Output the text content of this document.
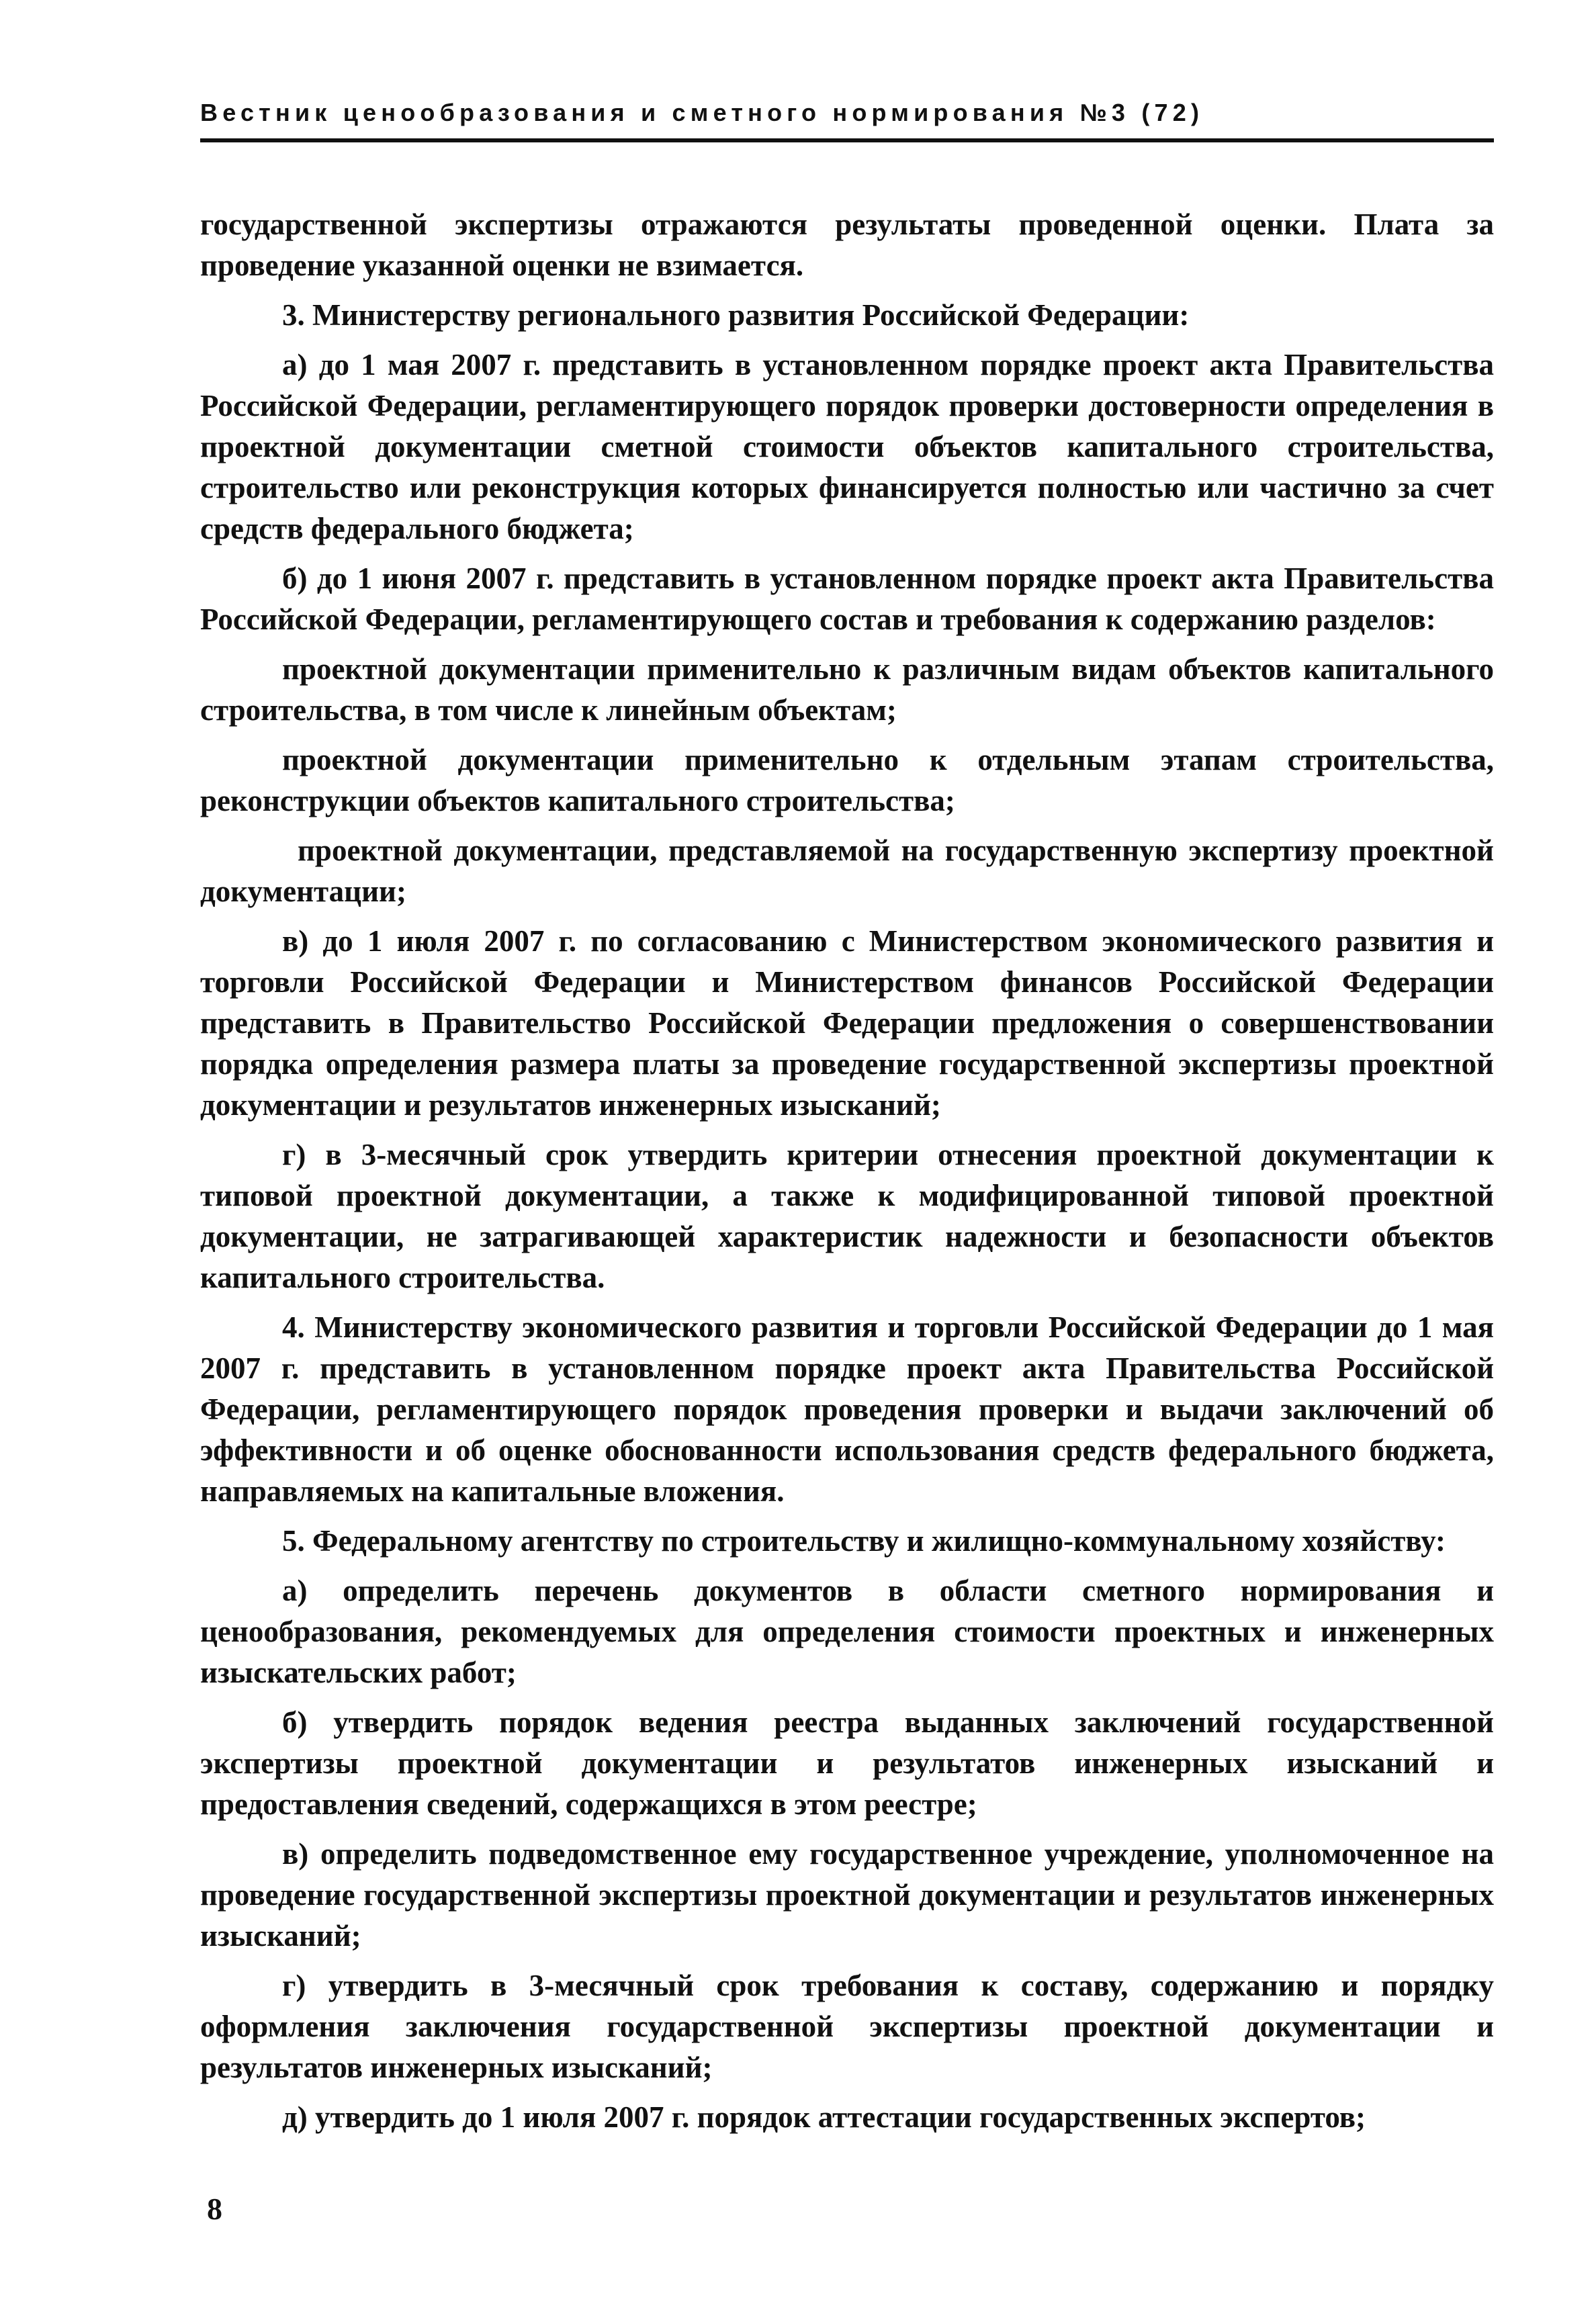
Вестник ценообразования и сметного нормирования №3 (72)

государственной экспертизы отражаются результаты проведенной оценки. Плата за проведение указанной оценки не взимается.

3. Министерству регионального развития Российской Федерации:

а) до 1 мая 2007 г. представить в установленном порядке проект акта Правительства Российской Федерации, регламентирующего порядок проверки достоверности определения в проектной документации сметной стоимости объектов капитального строительства, строительство или реконструкция которых финансируется полностью или частично за счет средств федерального бюджета;

б) до 1 июня 2007 г. представить в установленном порядке проект акта Правительства Российской Федерации, регламентирующего состав и требования к содержанию разделов:

проектной документации применительно к различным видам объектов капитального строительства, в том числе к линейным объектам;

проектной документации применительно к отдельным этапам строительства, реконструкции объектов капитального строительства;

проектной документации, представляемой на государственную экспертизу проектной документации;

в) до 1 июля 2007 г. по согласованию с Министерством экономического развития и торговли Российской Федерации и Министерством финансов Российской Федерации представить в Правительство Российской Федерации предложения о совершенствовании порядка определения размера платы за проведение государственной экспертизы проектной документации и результатов инженерных изысканий;

г) в 3-месячный срок утвердить критерии отнесения проектной документации к типовой проектной документации, а также к модифицированной типовой проектной документации, не затрагивающей характеристик надежности и безопасности объектов капитального строительства.

4. Министерству экономического развития и торговли Российской Федерации до 1 мая 2007 г. представить в установленном порядке проект акта Правительства Российской Федерации, регламентирующего порядок проведения проверки и выдачи заключений об эффективности и об оценке обоснованности использования средств федерального бюджета, направляемых на капитальные вложения.

5. Федеральному агентству по строительству и жилищно-коммунальному хозяйству:

а) определить перечень документов в области сметного нормирования и ценообразования, рекомендуемых для определения стоимости проектных и инженерных изыскательских работ;

б) утвердить порядок ведения реестра выданных заключений государственной экспертизы проектной документации и результатов инженерных изысканий и предоставления сведений, содержащихся в этом реестре;

в) определить подведомственное ему государственное учреждение, уполномоченное на проведение государственной экспертизы проектной документации и результатов инженерных изысканий;

г) утвердить в 3-месячный срок требования к составу, содержанию и порядку оформления заключения государственной экспертизы проектной документации и результатов инженерных изысканий;

д) утвердить до 1 июля 2007 г. порядок аттестации государственных экспертов;

8
